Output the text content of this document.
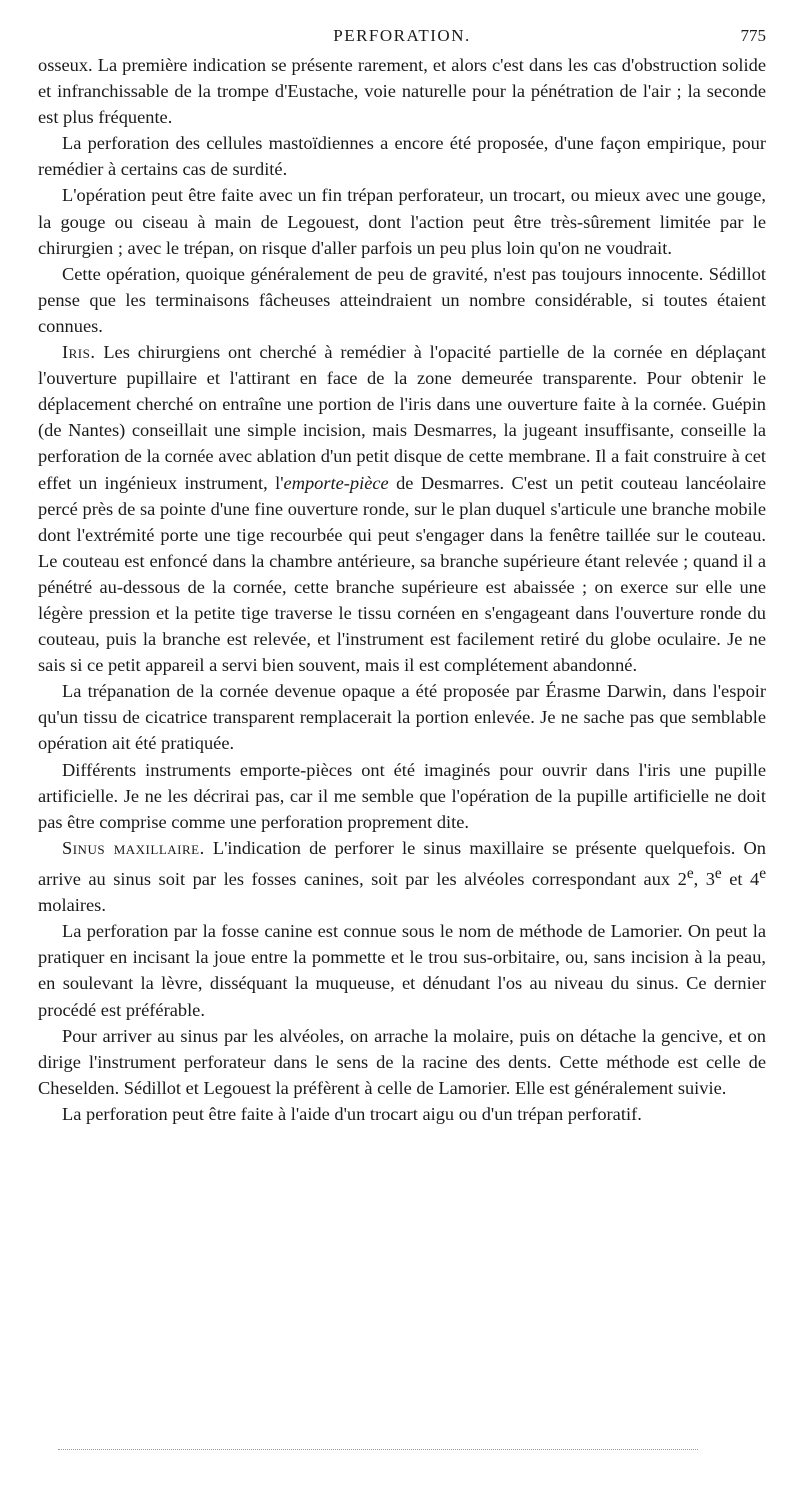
PERFORATION.	775

osseux. La première indication se présente rarement, et alors c'est dans les cas d'obstruction solide et infranchissable de la trompe d'Eustache, voie naturelle pour la pénétration de l'air ; la seconde est plus fréquente.

La perforation des cellules mastoïdiennes a encore été proposée, d'une façon empirique, pour remédier à certains cas de surdité.

L'opération peut être faite avec un fin trépan perforateur, un trocart, ou mieux avec une gouge, la gouge ou ciseau à main de Legouest, dont l'action peut être très-sûrement limitée par le chirurgien ; avec le trépan, on risque d'aller parfois un peu plus loin qu'on ne voudrait.

Cette opération, quoique généralement de peu de gravité, n'est pas toujours innocente. Sédillot pense que les terminaisons fâcheuses atteindraient un nombre considérable, si toutes étaient connues.

Iris. Les chirurgiens ont cherché à remédier à l'opacité partielle de la cornée en déplaçant l'ouverture pupillaire et l'attirant en face de la zone demeurée transparente. Pour obtenir le déplacement cherché on entraîne une portion de l'iris dans une ouverture faite à la cornée. Guépin (de Nantes) conseillait une simple incision, mais Desmarres, la jugeant insuffisante, conseille la perforation de la cornée avec ablation d'un petit disque de cette membrane. Il a fait construire à cet effet un ingénieux instrument, l'emporte-pièce de Desmarres. C'est un petit couteau lancéolaire percé près de sa pointe d'une fine ouverture ronde, sur le plan duquel s'articule une branche mobile dont l'extrémité porte une tige recourbée qui peut s'engager dans la fenêtre taillée sur le couteau. Le couteau est enfoncé dans la chambre antérieure, sa branche supérieure étant relevée ; quand il a pénétré au-dessous de la cornée, cette branche supérieure est abaissée ; on exerce sur elle une légère pression et la petite tige traverse le tissu cornéen en s'engageant dans l'ouverture ronde du couteau, puis la branche est relevée, et l'instrument est facilement retiré du globe oculaire. Je ne sais si ce petit appareil a servi bien souvent, mais il est complétement abandonné.

La trépanation de la cornée devenue opaque a été proposée par Érasme Darwin, dans l'espoir qu'un tissu de cicatrice transparent remplacerait la portion enlevée. Je ne sache pas que semblable opération ait été pratiquée.

Différents instruments emporte-pièces ont été imaginés pour ouvrir dans l'iris une pupille artificielle. Je ne les décrirai pas, car il me semble que l'opération de la pupille artificielle ne doit pas être comprise comme une perforation proprement dite.

Sinus maxillaire. L'indication de perforer le sinus maxillaire se présente quelquefois. On arrive au sinus soit par les fosses canines, soit par les alvéoles correspondant aux 2e, 3e et 4e molaires.

La perforation par la fosse canine est connue sous le nom de méthode de Lamorier. On peut la pratiquer en incisant la joue entre la pommette et le trou sus-orbitaire, ou, sans incision à la peau, en soulevant la lèvre, disséquant la muqueuse, et dénudant l'os au niveau du sinus. Ce dernier procédé est préférable.

Pour arriver au sinus par les alvéoles, on arrache la molaire, puis on détache la gencive, et on dirige l'instrument perforateur dans le sens de la racine des dents. Cette méthode est celle de Cheselden. Sédillot et Legouest la préfèrent à celle de Lamorier. Elle est généralement suivie.

La perforation peut être faite à l'aide d'un trocart aigu ou d'un trépan perforatif.
